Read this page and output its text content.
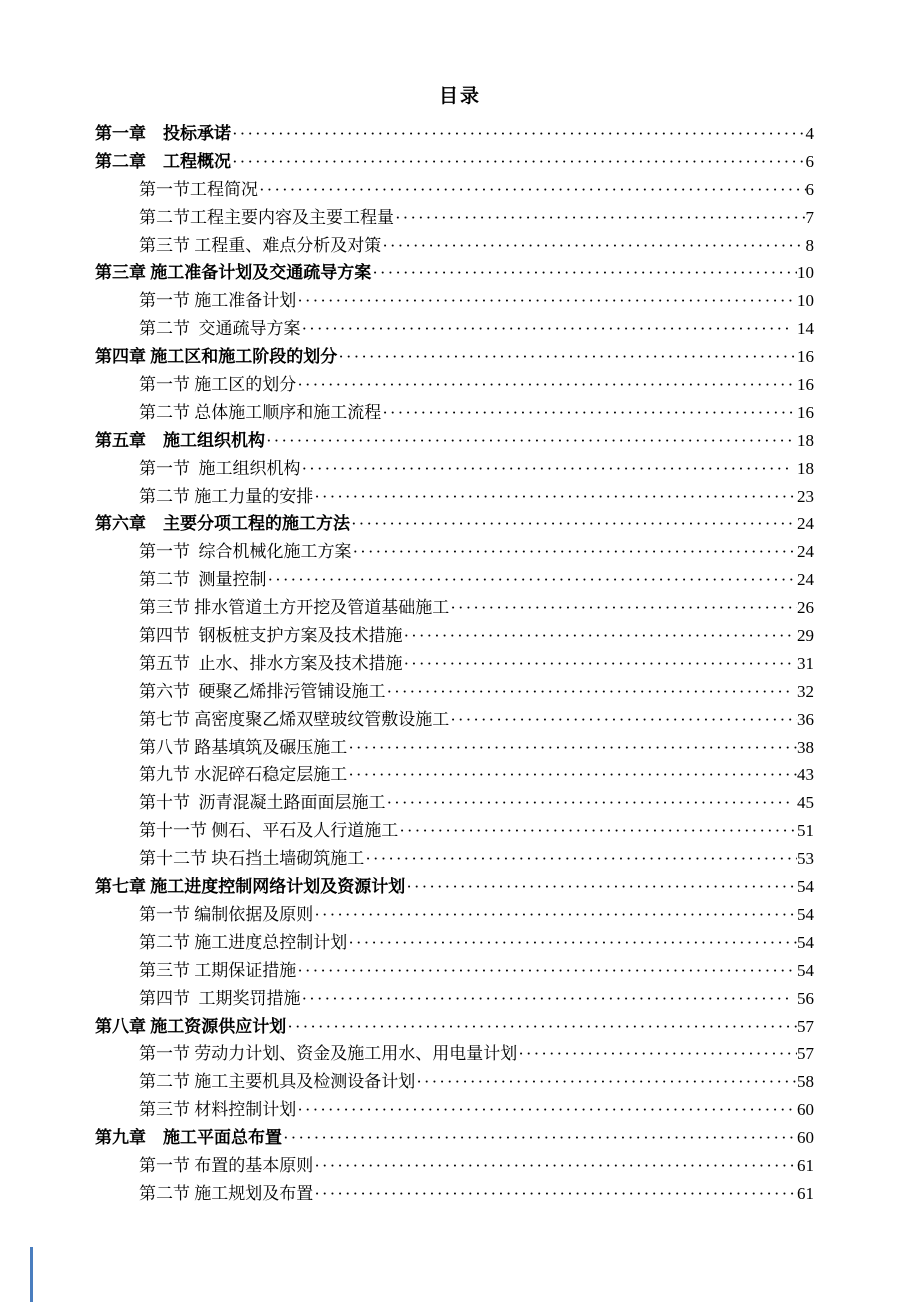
目录
第一章　投标承诺 ·····	4
第二章　工程概况 ·····	6
第一节工程简况 ·····	6
第二节工程主要内容及主要工程量 ·····	7
第三节 工程重、难点分析及对策 ·····	8
第三章 施工准备计划及交通疏导方案 ·····	10
第一节 施工准备计划 ·····	10
第二节  交通疏导方案 ·····	14
第四章 施工区和施工阶段的划分 ·····	16
第一节 施工区的划分 ·····	16
第二节 总体施工顺序和施工流程 ·····	16
第五章　施工组织机构 ·····	18
第一节  施工组织机构 ·····	18
第二节 施工力量的安排 ·····	23
第六章　主要分项工程的施工方法 ·····	24
第一节  综合机械化施工方案 ·····	24
第二节  测量控制 ·····	24
第三节 排水管道土方开挖及管道基础施工 ·····	26
第四节  钢板桩支护方案及技术措施 ·····	29
第五节  止水、排水方案及技术措施 ·····	31
第六节  硬聚乙烯排污管铺设施工 ·····	32
第七节 高密度聚乙烯双壁玻纹管敷设施工 ·····	36
第八节 路基填筑及碾压施工 ·····	38
第九节 水泥碎石稳定层施工 ·····	43
第十节  沥青混凝土路面面层施工 ·····	45
第十一节 侧石、平石及人行道施工 ·····	51
第十二节 块石挡土墙砌筑施工 ·····	53
第七章 施工进度控制网络计划及资源计划 ·····	54
第一节 编制依据及原则 ·····	54
第二节 施工进度总控制计划 ·····	54
第三节 工期保证措施 ·····	54
第四节  工期奖罚措施 ·····	56
第八章 施工资源供应计划 ·····	57
第一节 劳动力计划、资金及施工用水、用电量计划 ·····	57
第二节 施工主要机具及检测设备计划 ·····	58
第三节 材料控制计划 ·····	60
第九章　施工平面总布置 ·····	60
第一节 布置的基本原则 ·····	61
第二节 施工规划及布置 ·····	61
